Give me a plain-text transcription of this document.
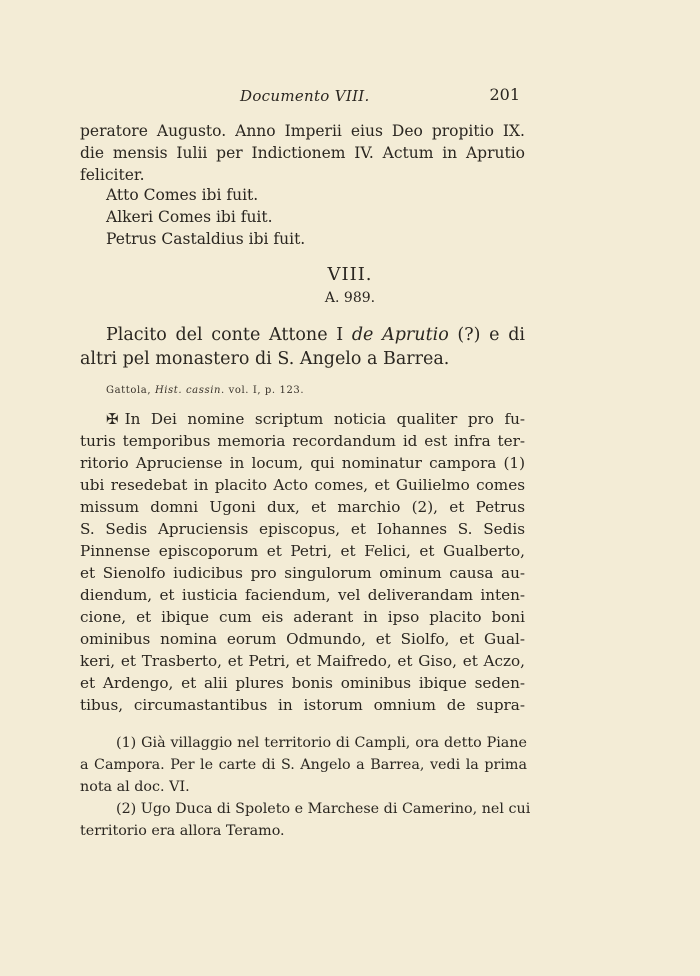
Documento VIII.	201
peratore Augusto. Anno Imperii eius Deo propitio IX.
die mensis Iulii per Indictionem IV. Actum in Aprutio
feliciter.
Atto Comes ibi fuit.
Alkeri Comes ibi fuit.
Petrus Castaldius ibi fuit.
VIII.
A. 989.
Placito del conte Attone I de Aprutio (?) e di
altri pel monastero di S. Angelo a Barrea.
Gattola, Hist. cassin. vol. I, p. 123.
✠ In Dei nomine scriptum noticia qualiter pro fu-
turis temporibus memoria recordandum id est infra ter-
ritorio Apruciense in locum, qui nominatur campora (1)
ubi resedebat in placito Acto comes, et Guilielmo comes
missum domni Ugoni dux, et marchio (2), et Petrus
S. Sedis Apruciensis episcopus, et Iohannes S. Sedis
Pinnense episcoporum et Petri, et Felici, et Gualberto,
et Sienolfo iudicibus pro singulorum ominum causa au-
diendum, et iusticia faciendum, vel deliverandam inten-
cione, et ibique cum eis aderant in ipso placito boni
ominibus nomina eorum Odmundo, et Siolfo, et Gual-
keri, et Trasberto, et Petri, et Maifredo, et Giso, et Aczo,
et Ardengo, et alii plures bonis ominibus ibique seden-
tibus, circumastantibus in istorum omnium de supra-
(1) Già villaggio nel territorio di Campli, ora detto Piane
a Campora. Per le carte di S. Angelo a Barrea, vedi la prima
nota al doc. VI.
(2) Ugo Duca di Spoleto e Marchese di Camerino, nel cui
territorio era allora Teramo.
